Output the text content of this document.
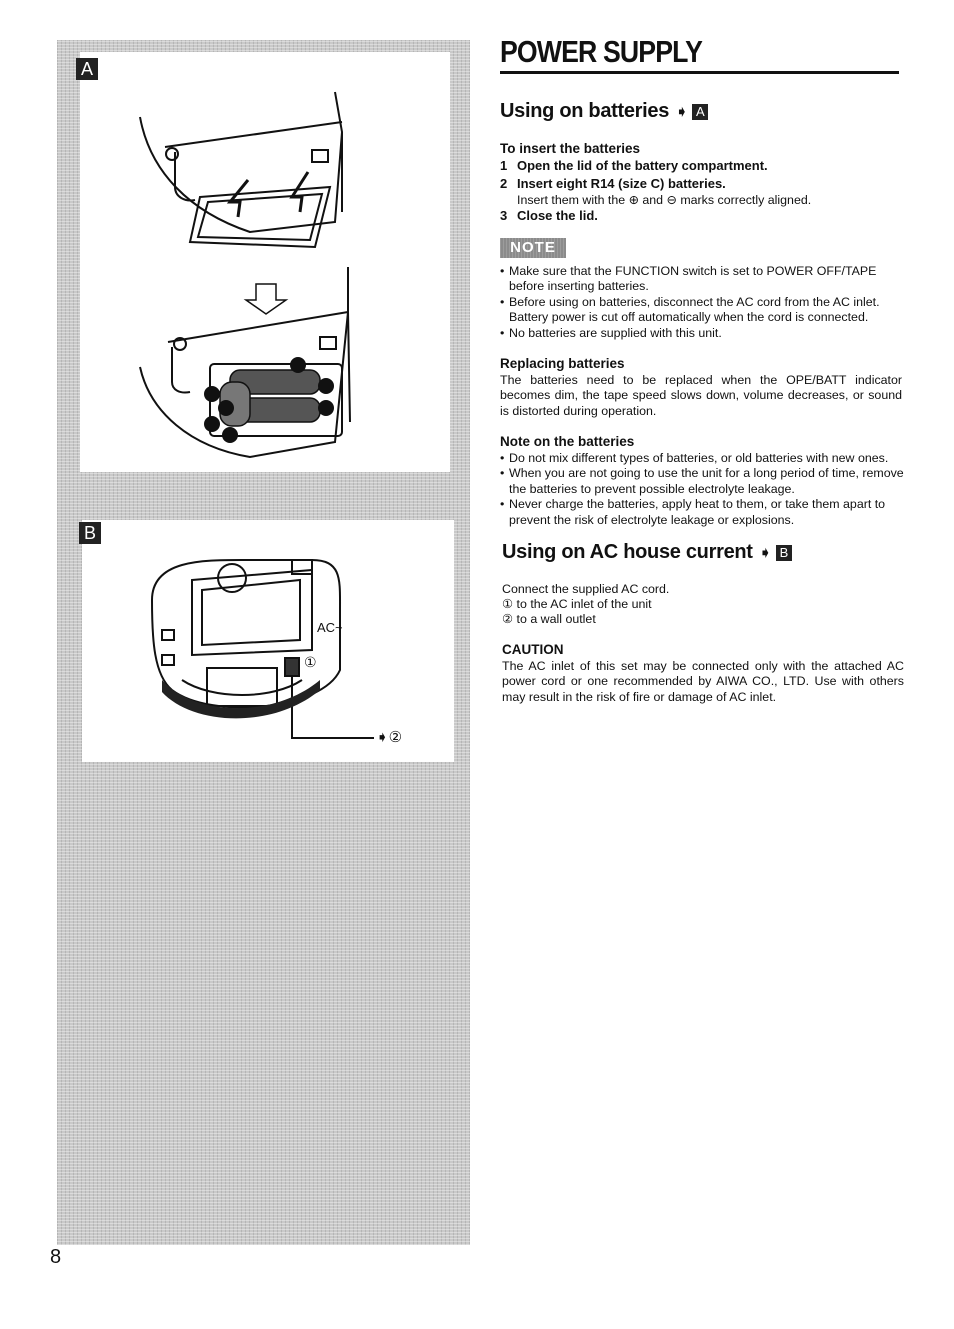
AC~
①
➧②
A
B
POWER SUPPLY
Using on batteries ➧ A
To insert the batteries
1 Open the lid of the battery compartment.
2 Insert eight R14 (size C) batteries.
Insert them with the ⊕ and ⊖ marks correctly aligned.
3 Close the lid.
NOTE
• Make sure that the FUNCTION switch is set to POWER OFF/TAPE before inserting batteries.
• Before using on batteries, disconnect the AC cord from the AC inlet. Battery power is cut off automatically when the cord is connected.
• No batteries are supplied with this unit.
Replacing batteries
The batteries need to be replaced when the OPE/BATT indicator becomes dim, the tape speed slows down, volume decreases, or sound is distorted during operation.
Note on the batteries
• Do not mix different types of batteries, or old batteries with new ones.
• When you are not going to use the unit for a long period of time, remove the batteries to prevent possible electrolyte leakage.
• Never charge the batteries, apply heat to them, or take them apart to prevent the risk of electrolyte leakage or explosions.
Using on AC house current ➧ B
Connect the supplied AC cord.
① to the AC inlet of the unit
② to a wall outlet
CAUTION
The AC inlet of this set may be connected only with the attached AC power cord or one recommended by AIWA CO., LTD. Use with others may result in the risk of fire or damage of AC inlet.
8
